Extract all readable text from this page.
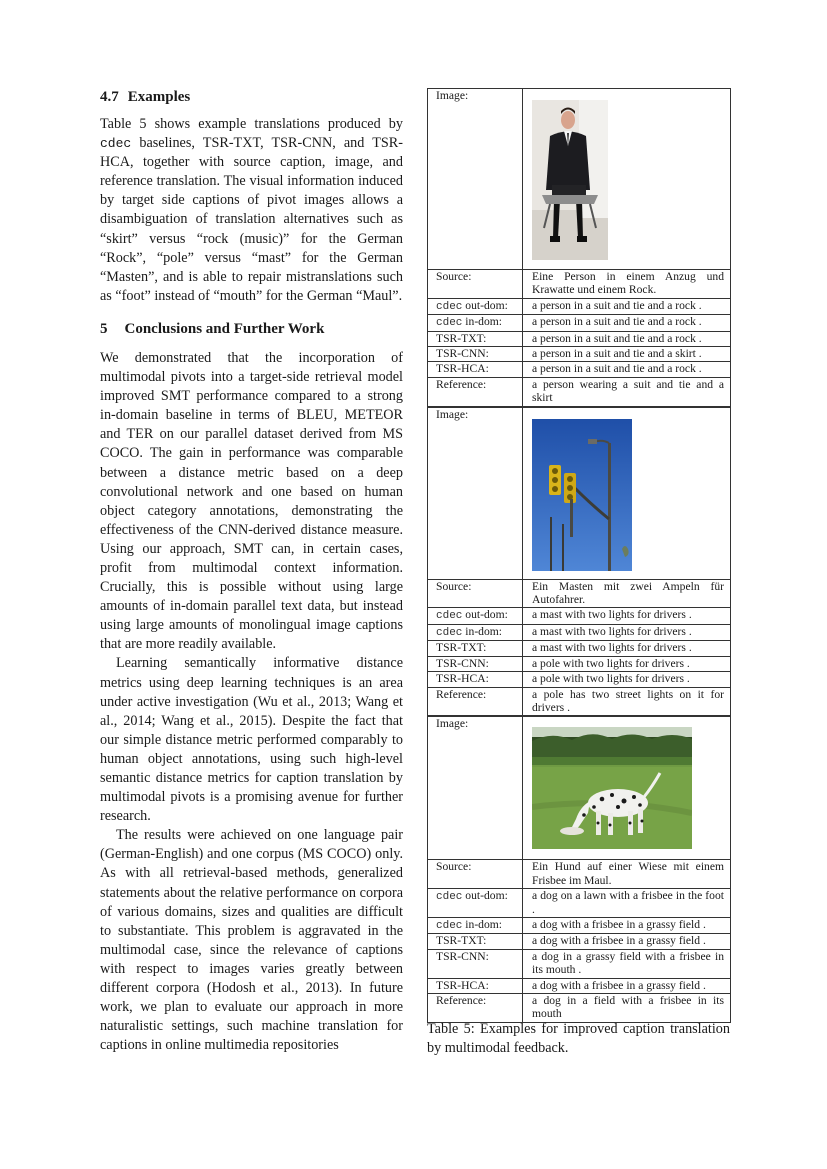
4.7 Examples

Table 5 shows example translations produced by cdec baselines, TSR-TXT, TSR-CNN, and TSR-HCA, together with source caption, image, and reference translation. The visual information induced by target side captions of pivot images allows a disambiguation of translation alternatives such as “skirt” versus “rock (music)” for the German “Rock”, “pole” versus “mast” for the German “Masten”, and is able to repair mistranslations such as “foot” instead of “mouth” for the German “Maul”.

5 Conclusions and Further Work

We demonstrated that the incorporation of multimodal pivots into a target-side retrieval model improved SMT performance compared to a strong in-domain baseline in terms of BLEU, METEOR and TER on our parallel dataset derived from MS COCO. The gain in performance was comparable between a distance metric based on a deep convolutional network and one based on human object category annotations, demonstrating the effectiveness of the CNN-derived distance measure. Using our approach, SMT can, in certain cases, profit from multimodal context information. Crucially, this is possible without using large amounts of in-domain parallel text data, but instead using large amounts of monolingual image captions that are more readily available.

Learning semantically informative distance metrics using deep learning techniques is an area under active investigation (Wu et al., 2013; Wang et al., 2014; Wang et al., 2015). Despite the fact that our simple distance metric performed comparably to human object annotations, using such high-level semantic distance metrics for caption translation by multimodal pivots is a promising avenue for further research.

The results were achieved on one language pair (German-English) and one corpus (MS COCO) only. As with all retrieval-based methods, generalized statements about the relative performance on corpora of various domains, sizes and qualities are difficult to substantiate. This problem is aggravated in the multimodal case, since the relevance of captions with respect to images varies greatly between different corpora (Hodosh et al., 2013). In future work, we plan to evaluate our approach in more naturalistic settings, such machine translation for captions in online multimedia repositories

Image:
Source:	Eine Person in einem Anzug und Krawatte und einem Rock.
cdec out-dom:	a person in a suit and tie and a rock .
cdec in-dom:	a person in a suit and tie and a rock .
TSR-TXT:	a person in a suit and tie and a rock .
TSR-CNN:	a person in a suit and tie and a skirt .
TSR-HCA:	a person in a suit and tie and a rock .
Reference:	a person wearing a suit and tie and a skirt
Image:
Source:	Ein Masten mit zwei Ampeln für Autofahrer.
cdec out-dom:	a mast with two lights for drivers .
cdec in-dom:	a mast with two lights for drivers .
TSR-TXT:	a mast with two lights for drivers .
TSR-CNN:	a pole with two lights for drivers .
TSR-HCA:	a pole with two lights for drivers .
Reference:	a pole has two street lights on it for drivers .
Image:
Source:	Ein Hund auf einer Wiese mit einem Frisbee im Maul.
cdec out-dom:	a dog on a lawn with a frisbee in the foot .
cdec in-dom:	a dog with a frisbee in a grassy field .
TSR-TXT:	a dog with a frisbee in a grassy field .
TSR-CNN:	a dog in a grassy field with a frisbee in its mouth .
TSR-HCA:	a dog with a frisbee in a grassy field .
Reference:	a dog in a field with a frisbee in its mouth
Table 5: Examples for improved caption translation by multimodal feedback.
